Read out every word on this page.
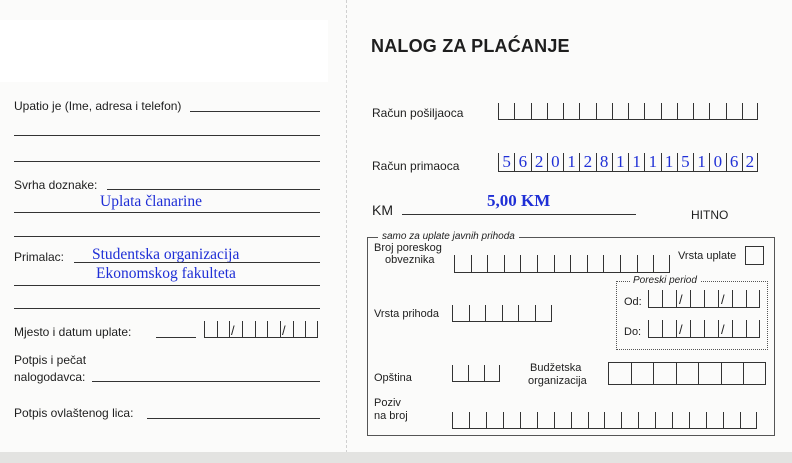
Upatio je (Ime, adresa i telefon)
Svrha doznake:
Uplata članarine
Primalac: Studentska organizacija
Ekonomskog fakulteta
Mjesto i datum uplate:	/	/
Potpis i pečat
nalogodavca:
Potpis ovlaštenog lica:
NALOG ZA PLAĆANJE
Račun pošiljaoca
Račun primaoca	5 6 2 0 1 2 8 1 1 1 1 5 1 0 6 2
KM	5,00 KM
HITNO
samo za uplate javnih prihoda
Broj poreskog
obveznika	Vrsta uplate
Poreski period
Od:	/	/
Do:	/	/
Vrsta prihoda
Opština
Budžetska
organizacija
Poziv
na broj
